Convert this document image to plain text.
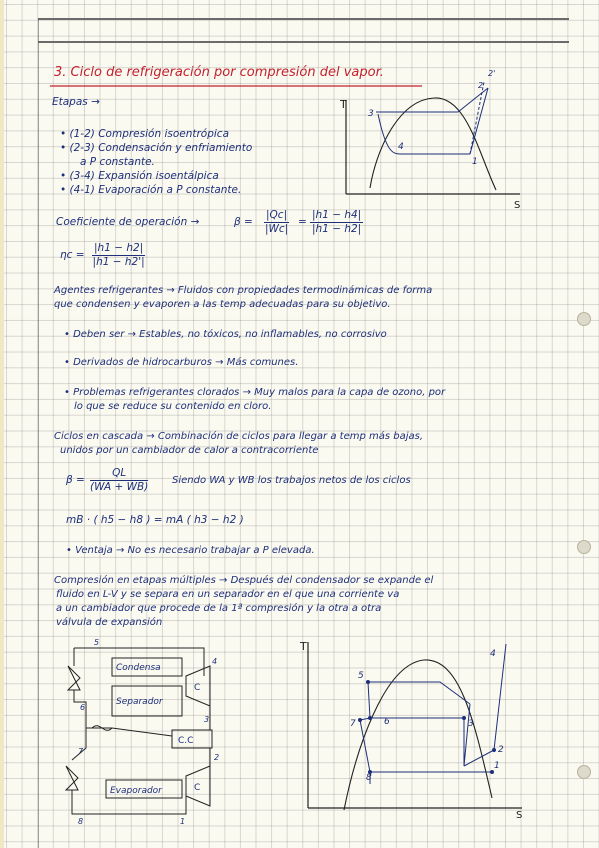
3. Ciclo de refrigeración por compresión del vapor.
Etapas →
• (1-2) Compresión isoentrópica
• (2-3) Condensación y enfriamiento
a P constante.
• (3-4) Expansión isoentálpica
• (4-1) Evaporación a P constante.
T
S
3
4
1
2
2'
Coeficiente de operación →	$\beta = \frac{|Qc|}{|Wc|} = \frac{|h1 - h4|}{|h1 - h2|}$
$\eta c = \frac{|h1 - h2|}{|h1 - h2'|}$
Agentes refrigerantes → Fluidos con propiedades termodinámicas de forma
que condensen y evaporen a las temp adecuadas para su objetivo.
• Deben ser → Estables, no tóxicos, no inflamables, no corrosivo
• Derivados de hidrocarburos → Más comunes.
• Problemas refrigerantes clorados → Muy malos para la capa de ozono, por
lo que se reduce su contenido en cloro.
Ciclos en cascada → Combinación de ciclos para llegar a temp más bajas,
unidos por un cambiador de calor a contracorriente
$\beta = \frac{QL}{(WA + WB)}$ Siendo WA y WB los trabajos netos de los ciclos
mB · ( h5 − h8 ) = mA ( h3 − h2 )
• Ventaja → No es necesario trabajar a P elevada.
Compresión en etapas múltiples → Después del condensador se expande el
fluido en L-V y se separa en un separador en el que una corriente va
a un cambiador que procede de la 1ª compresión y la otra a otra
válvula de expansión
Condensa
Separador
C.C
Evaporador
C
C
5
6
7
8
4
3
2
1
T
S
5
6
7
8
3
2
4
1
